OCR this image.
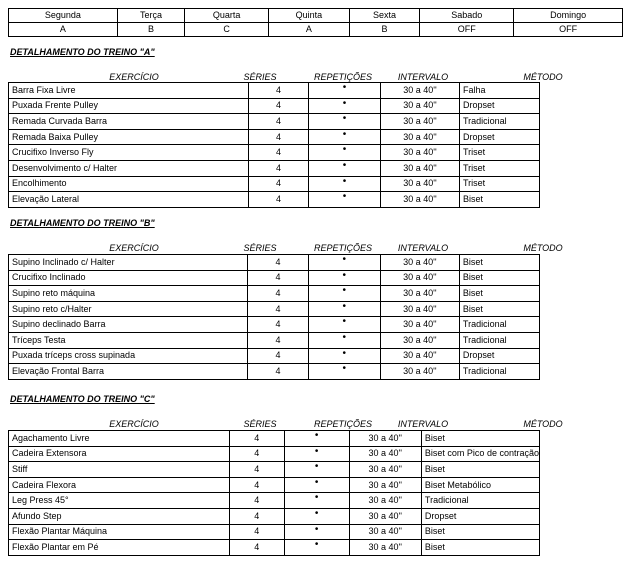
Segunda	Terça	Quarta	Quinta	Sexta	Sabado	Domingo
A	B	C	A	B	OFF	OFF
DETALHAMENTO DO TREINO "A"
EXERCÍCIO	SÉRIES	REPETIÇÕES	INTERVALO	MÉTODO
Barra Fixa Livre	4	•	30 a 40''	Falha
Puxada Frente Pulley	4	•	30 a 40''	Dropset
Remada Curvada Barra	4	•	30 a 40''	Tradicional
Remada Baixa Pulley	4	•	30 a 40''	Dropset
Crucifixo Inverso Fly	4	•	30 a 40''	Triset
Desenvolvimento c/ Halter	4	•	30 a 40''	Triset
Encolhimento	4	•	30 a 40''	Triset
Elevação Lateral	4	•	30 a 40''	Biset
DETALHAMENTO DO TREINO "B"
EXERCÍCIO	SÉRIES	REPETIÇÕES	INTERVALO	MÉTODO
Supino Inclinado c/ Halter	4	•	30 a 40''	Biset
Crucifixo Inclinado	4	•	30 a 40''	Biset
Supino reto máquina	4	•	30 a 40''	Biset
Supino reto c/Halter	4	•	30 a 40''	Biset
Supino declinado Barra	4	•	30 a 40''	Tradicional
Tríceps Testa	4	•	30 a 40''	Tradicional
Puxada tríceps cross supinada	4	•	30 a 40''	Dropset
Elevação Frontal Barra	4	•	30 a 40''	Tradicional
DETALHAMENTO DO TREINO "C"
EXERCÍCIO	SÉRIES	REPETIÇÕES	INTERVALO	MÉTODO
Agachamento Livre	4	•	30 a 40''	Biset
Cadeira Extensora	4	•	30 a 40''	Biset com Pico de contração
Stiff	4	•	30 a 40''	Biset
Cadeira Flexora	4	•	30 a 40''	Biset Metabólico
Leg Press 45°	4	•	30 a 40''	Tradicional
Afundo Step	4	•	30 a 40''	Dropset
Flexão Plantar Máquina	4	•	30 a 40''	Biset
Flexão Plantar em Pé	4	•	30 a 40''	Biset
